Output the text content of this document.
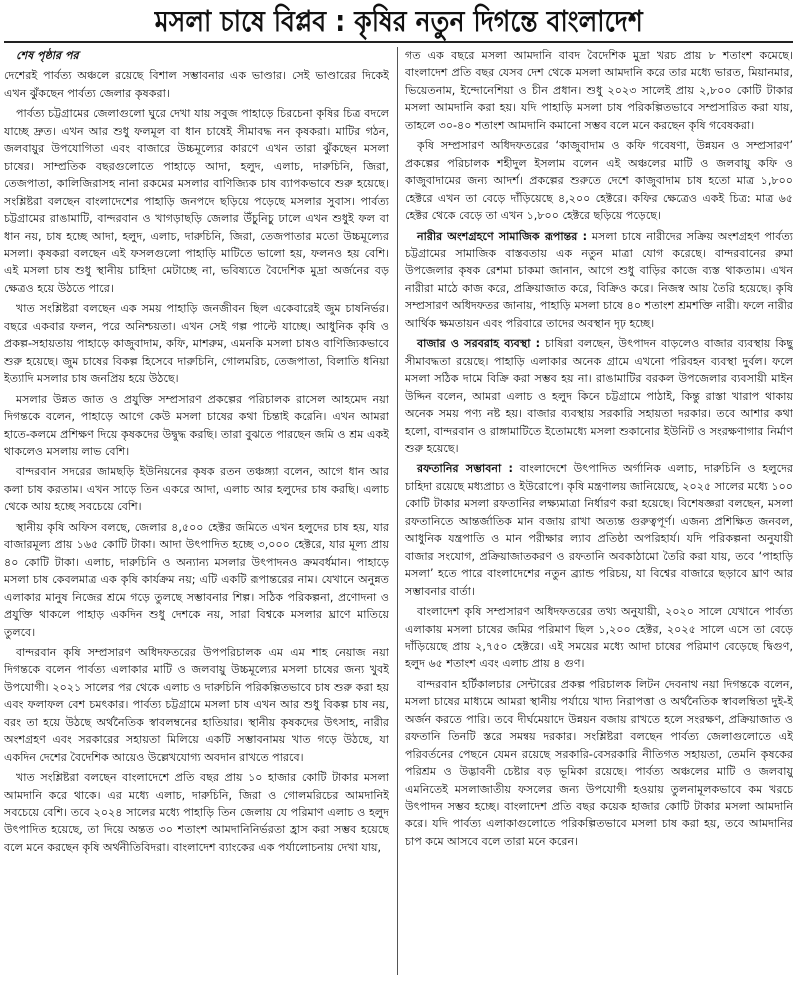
মসলা চাষে বিপ্লব : কৃষির নতুন দিগন্তে বাংলাদেশ

শেষ পৃষ্ঠার পর

দেশেরই পার্বত্য অঞ্চলে রয়েছে বিশাল সম্ভাবনার এক ভাণ্ডার। সেই ভাণ্ডারের দিকেই এখন ঝুঁকছেন পার্বত্য জেলার কৃষকরা।

পার্বত্য চট্টগ্রামের জেলাগুলো ঘুরে দেখা যায় সবুজ পাহাড়ে চিরচেনা কৃষির চিত্র বদলে যাচ্ছে দ্রুত। এখন আর শুধু ফলমূল বা ধান চাষেই সীমাবদ্ধ নন কৃষকরা। মাটির গঠন, জলবায়ুর উপযোগিতা এবং বাজারে উচ্চমূল্যের কারণে এখন তারা ঝুঁকছেন মসলা চাষের। সাম্প্রতিক বছরগুলোতে পাহাড়ে আদা, হলুদ, এলাচ, দারুচিনি, জিরা, তেজপাতা, কালিজিরাসহ নানা রকমের মসলার বাণিজ্যিক চাষ ব্যাপকভাবে শুরু হয়েছে। সংশ্লিষ্টরা বলছেন বাংলাদেশের পাহাড়ি জনপদে ছড়িয়ে পড়েছে মসলার সুবাস। পার্বত্য চট্টগ্রামের রাঙামাটি, বান্দরবান ও খাগড়াছড়ি জেলার উঁচুনিচু ঢালে এখন শুধুই ফল বা ধান নয়, চাষ হচ্ছে আদা, হলুদ, এলাচ, দারুচিনি, জিরা, তেজপাতার মতো উচ্চমূল্যের মসলা। কৃষকরা বলছেন এই ফসলগুলো পাহাড়ি মাটিতে ভালো হয়, ফলনও হয় বেশি। এই মসলা চাষ শুধু স্থানীয় চাহিদা মেটাচ্ছে না, ভবিষ্যতে বৈদেশিক মুদ্রা অর্জনের বড় ক্ষেত্রও হয়ে উঠতে পারে।

খাত সংশ্লিষ্টরা বলছেন এক সময় পাহাড়ি জনজীবন ছিল একেবারেই জুম চাষনির্ভর। বছরে একবার ফলন, পরে অনিশ্চয়তা। এখন সেই গল্প পাল্টে যাচ্ছে। আধুনিক কৃষি ও প্রকল্প-সহায়তায় পাহাড়ে কাজুবাদাম, কফি, মাশরুম, এমনকি মসলা চাষও বাণিজ্যিকভাবে শুরু হয়েছে। জুম চাষের বিকল্প হিসেবে দারুচিনি, গোলমরিচ, তেজপাতা, বিলাতি ধনিয়া ইত্যাদি মসলার চাষ জনপ্রিয় হয়ে উঠছে।

মসলার উন্নত জাত ও প্রযুক্তি সম্প্রসারণ প্রকল্পের পরিচালক রাসেল আহমেদ নয়া দিগন্তকে বলেন, পাহাড়ে আগে কেউ মসলা চাষের কথা চিন্তাই করেনি। এখন আমরা হাতে-কলমে প্রশিক্ষণ দিয়ে কৃষকদের উদ্বুদ্ধ করছি। তারা বুঝতে পারছেন জমি ও শ্রম একই থাকলেও মসলায় লাভ বেশি।

বান্দরবান সদরের জামছড়ি ইউনিয়নের কৃষক রতন তঞ্চঙ্গ্যা বলেন, আগে ধান আর কলা চাষ করতাম। এখন সাড়ে তিন একরে আদা, এলাচ আর হলুদের চাষ করছি। এলাচ থেকে আয় হচ্ছে সবচেয়ে বেশি।

স্থানীয় কৃষি অফিস বলছে, জেলার ৪,৫০০ হেক্টর জমিতে এখন হলুদের চাষ হয়, যার বাজারমূল্য প্রায় ১৬৫ কোটি টাকা। আদা উৎপাদিত হচ্ছে ৩,০০০ হেক্টরে, যার মূল্য প্রায় ৪০ কোটি টাকা। এলাচ, দারুচিনি ও অন্যান্য মসলার উৎপাদনও ক্রমবর্ধমান। পাহাড়ে মসলা চাষ কেবলমাত্র এক কৃষি কার্যক্রম নয়; এটি একটি রূপান্তরের নাম। যেখানে অনুন্নত এলাকার মানুষ নিজের শ্রমে গড়ে তুলছে সম্ভাবনার শিল্প। সঠিক পরিকল্পনা, প্রণোদনা ও প্রযুক্তি থাকলে পাহাড় একদিন শুধু দেশকে নয়, সারা বিশ্বকে মসলার ঘ্রাণে মাতিয়ে তুলবে।

বান্দরবান কৃষি সম্প্রসারণ অধিদফতরের উপপরিচালক এম এম শাহ নেয়াজ নয়া দিগন্তকে বলেন পার্বত্য এলাকার মাটি ও জলবায়ু উচ্চমূল্যের মসলা চাষের জন্য খুবই উপযোগী। ২০২১ সালের পর থেকে এলাচ ও দারুচিনি পরিকল্পিতভাবে চাষ শুরু করা হয় এবং ফলাফল বেশ চমৎকার। পার্বত্য চট্টগ্রামে মসলা চাষ এখন আর শুধু বিকল্প চাষ নয়, বরং তা হয়ে উঠছে অর্থনৈতিক স্বাবলম্বনের হাতিয়ার। স্থানীয় কৃষকদের উৎসাহ, নারীর অংশগ্রহণ এবং সরকারের সহায়তা মিলিয়ে একটি সম্ভাবনাময় খাত গড়ে উঠছে, যা একদিন দেশের বৈদেশিক আয়েও উল্লেখযোগ্য অবদান রাখতে পারবে।

খাত সংশ্লিষ্টরা বলছেন বাংলাদেশে প্রতি বছর প্রায় ১০ হাজার কোটি টাকার মসলা আমদানি করে থাকে। এর মধ্যে এলাচ, দারুচিনি, জিরা ও গোলমরিচের আমদানিই সবচেয়ে বেশি। তবে ২০২৪ সালের মধ্যে পাহাড়ি তিন জেলায় যে পরিমাণ এলাচ ও হলুদ উৎপাদিত হয়েছে, তা দিয়ে অন্তত ৩০ শতাংশ আমদানিনির্ভরতা হ্রাস করা সম্ভব হয়েছে বলে মনে করছেন কৃষি অর্থনীতিবিদরা। বাংলাদেশ ব্যাংকের এক পর্যালোচনায় দেখা যায়,

গত এক বছরে মসলা আমদানি বাবদ বৈদেশিক মুদ্রা খরচ প্রায় ৮ শতাংশ কমেছে। বাংলাদেশ প্রতি বছর যেসব দেশ থেকে মসলা আমদানি করে তার মধ্যে ভারত, মিয়ানমার, ভিয়েতনাম, ইন্দোনেশিয়া ও চীন প্রধান। শুধু ২০২৩ সালেই প্রায় ২,৮০০ কোটি টাকার মসলা আমদানি করা হয়। যদি পাহাড়ি মসলা চাষ পরিকল্পিতভাবে সম্প্রসারিত করা যায়, তাহলে ৩০-৪০ শতাংশ আমদানি কমানো সম্ভব বলে মনে করছেন কৃষি গবেষকরা।

কৃষি সম্প্রসারণ অধিদফতরের ‘কাজুবাদাম ও কফি গবেষণা, উন্নয়ন ও সম্প্রসারণ’ প্রকল্পের পরিচালক শহীদুল ইসলাম বলেন এই অঞ্চলের মাটি ও জলবায়ু কফি ও কাজুবাদামের জন্য আদর্শ। প্রকল্পের শুরুতে দেশে কাজুবাদাম চাষ হতো মাত্র ১,৮০০ হেক্টরে এখন তা বেড়ে দাঁড়িয়েছে ৪,২০০ হেক্টরে। কফির ক্ষেত্রেও একই চিত্র: মাত্র ৬৫ হেক্টর থেকে বেড়ে তা এখন ১,৮০০ হেক্টরে ছড়িয়ে পড়েছে।

নারীর অংশগ্রহণে সামাজিক রূপান্তর : মসলা চাষে নারীদের সক্রিয় অংশগ্রহণ পার্বত্য চট্টগ্রামের সামাজিক বাস্তবতায় এক নতুন মাত্রা যোগ করেছে। বান্দরবানের রুমা উপজেলার কৃষক রেশমা চাকমা জানান, আগে শুধু বাড়ির কাজে ব্যস্ত থাকতাম। এখন নারীরা মাঠে কাজ করে, প্রক্রিয়াজাত করে, বিক্রিও করে। নিজস্ব আয় তৈরি হয়েছে। কৃষি সম্প্রসারণ অধিদফতর জানায়, পাহাড়ি মসলা চাষে ৪০ শতাংশ শ্রমশক্তি নারী। ফলে নারীর আর্থিক ক্ষমতায়ন এবং পরিবারে তাদের অবস্থান দৃঢ় হচ্ছে।

বাজার ও সরবরাহ ব্যবস্থা : চাষিরা বলছেন, উৎপাদন বাড়লেও বাজার ব্যবস্থায় কিছু সীমাবদ্ধতা রয়েছে। পাহাড়ি এলাকার অনেক গ্রামে এখনো পরিবহন ব্যবস্থা দুর্বল। ফলে মসলা সঠিক দামে বিক্রি করা সম্ভব হয় না। রাঙামাটির বরকল উপজেলার ব্যবসায়ী মাইন উদ্দিন বলেন, আমরা এলাচ ও হলুদ কিনে চট্টগ্রামে পাঠাই, কিন্তু রাস্তা খারাপ থাকায় অনেক সময় পণ্য নষ্ট হয়। বাজার ব্যবস্থায় সরকারি সহায়তা দরকার। তবে আশার কথা হলো, বান্দরবান ও রাঙ্গামাটিতে ইতোমধ্যে মসলা শুকানোর ইউনিট ও সংরক্ষণাগার নির্মাণ শুরু হয়েছে।

রফতানির সম্ভাবনা : বাংলাদেশে উৎপাদিত অর্গানিক এলাচ, দারুচিনি ও হলুদের চাহিদা রয়েছে মধ্যপ্রাচ্য ও ইউরোপে। কৃষি মন্ত্রণালয় জানিয়েছে, ২০২৫ সালের মধ্যে ১০০ কোটি টাকার মসলা রফতানির লক্ষ্যমাত্রা নির্ধারণ করা হয়েছে। বিশেষজ্ঞরা বলছেন, মসলা রফতানিতে আন্তর্জাতিক মান বজায় রাখা অত্যন্ত গুরুত্বপূর্ণ। এজন্য প্রশিক্ষিত জনবল, আধুনিক যন্ত্রপাতি ও মান পরীক্ষার ল্যাব প্রতিষ্ঠা অপরিহার্য। যদি পরিকল্পনা অনুযায়ী বাজার সংযোগ, প্রক্রিয়াজাতকরণ ও রফতানি অবকাঠামো তৈরি করা যায়, তবে ‘পাহাড়ি মসলা’ হতে পারে বাংলাদেশের নতুন ব্র্যান্ড পরিচয়, যা বিশ্বের বাজারে ছড়াবে ঘ্রাণ আর সম্ভাবনার বার্তা।

বাংলাদেশ কৃষি সম্প্রসারণ অধিদফতরের তথ্য অনুযায়ী, ২০২০ সালে যেখানে পার্বত্য এলাকায় মসলা চাষের জমির পরিমাণ ছিল ১,২০০ হেক্টর, ২০২৫ সালে এসে তা বেড়ে দাঁড়িয়েছে প্রায় ২,৭৫০ হেক্টরে। এই সময়ের মধ্যে আদা চাষের পরিমাণ বেড়েছে দ্বিগুণ, হলুদ ৬৫ শতাংশ এবং এলাচ প্রায় ৪ গুণ।

বান্দরবান হর্টিকালচার সেন্টারের প্রকল্প পরিচালক লিটন দেবনাথ নয়া দিগন্তকে বলেন, মসলা চাষের মাধ্যমে আমরা স্থানীয় পর্যায়ে খাদ্য নিরাপত্তা ও অর্থনৈতিক স্বাবলম্বিতা দুই-ই অর্জন করতে পারি। তবে দীর্ঘমেয়াদে উন্নয়ন বজায় রাখতে হলে সংরক্ষণ, প্রক্রিয়াজাত ও রফতানি তিনটি স্তরে সমন্বয় দরকার। সংশ্লিষ্টরা বলছেন পার্বত্য জেলাগুলোতে এই পরিবর্তনের পেছনে যেমন রয়েছে সরকারি-বেসরকারি নীতিগত সহায়তা, তেমনি কৃষকের পরিশ্রম ও উদ্ভাবনী চেষ্টার বড় ভূমিকা রয়েছে। পার্বত্য অঞ্চলের মাটি ও জলবায়ু এমনিতেই মসলাজাতীয় ফসলের জন্য উপযোগী হওয়ায় তুলনামূলকভাবে কম খরচে উৎপাদন সম্ভব হচ্ছে। বাংলাদেশ প্রতি বছর কয়েক হাজার কোটি টাকার মসলা আমদানি করে। যদি পার্বত্য এলাকাগুলোতে পরিকল্পিতভাবে মসলা চাষ করা হয়, তবে আমদানির চাপ কমে আসবে বলে তারা মনে করেন।
